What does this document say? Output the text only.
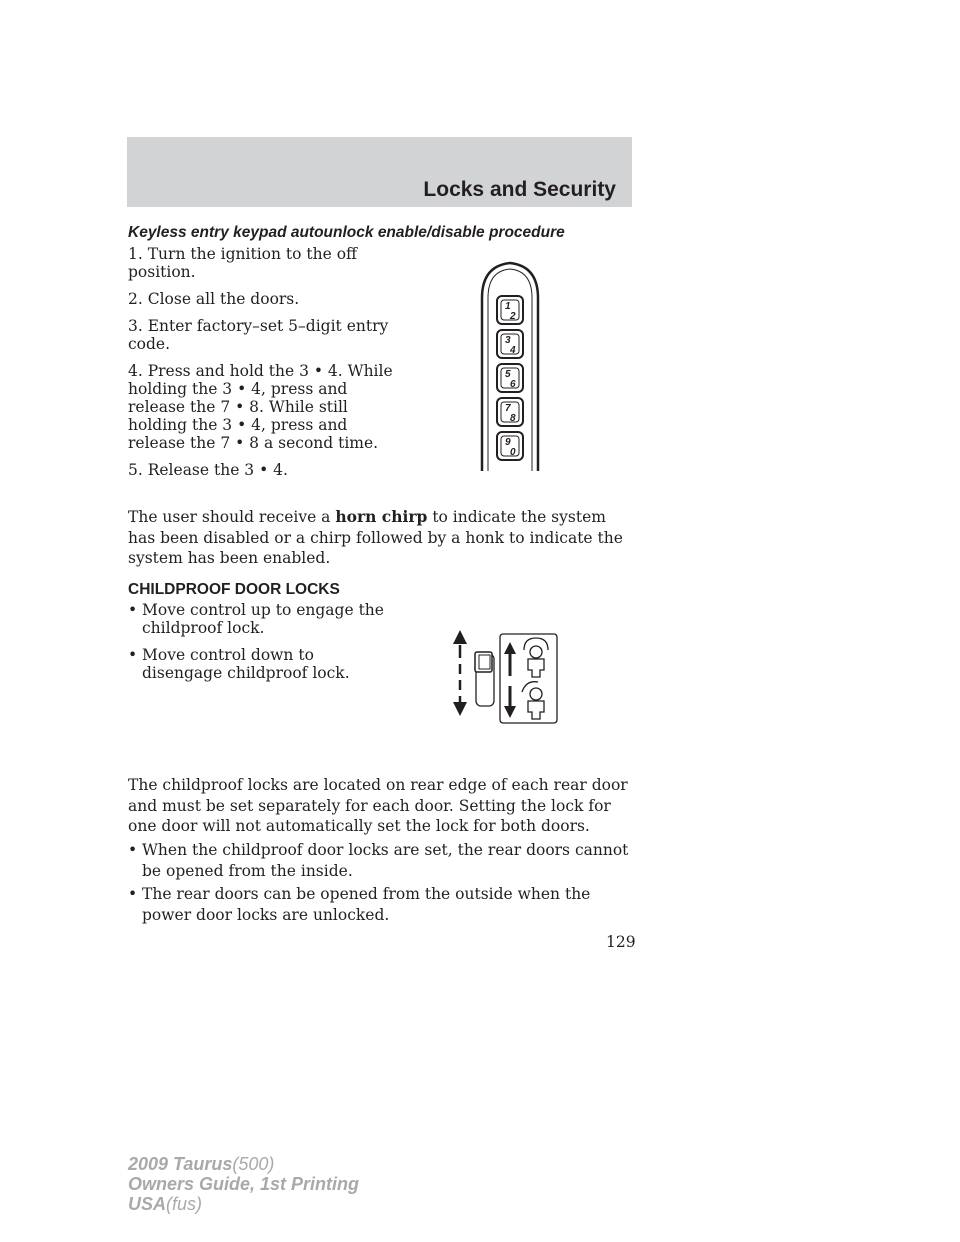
Locks and Security
Keyless entry keypad autounlock enable/disable procedure
1. Turn the ignition to the off position.
2. Close all the doors.
3. Enter factory–set 5–digit entry code.
4. Press and hold the 3 • 4. While holding the 3 • 4, press and release the 7 • 8. While still holding the 3 • 4, press and release the 7 • 8 a second time.
5. Release the 3 • 4.
1
2
3
4
5
6
7
8
9
0

The user should receive a horn chirp to indicate the system has been disabled or a chirp followed by a honk to indicate the system has been enabled.

CHILDPROOF DOOR LOCKS
• Move control up to engage the childproof lock.
• Move control down to disengage childproof lock.

The childproof locks are located on rear edge of each rear door and must be set separately for each door. Setting the lock for one door will not automatically set the lock for both doors.

• When the childproof door locks are set, the rear doors cannot be opened from the inside.
• The rear doors can be opened from the outside when the power door locks are unlocked.
129
2009 Taurus(500)
Owners Guide, 1st Printing
USA(fus)
